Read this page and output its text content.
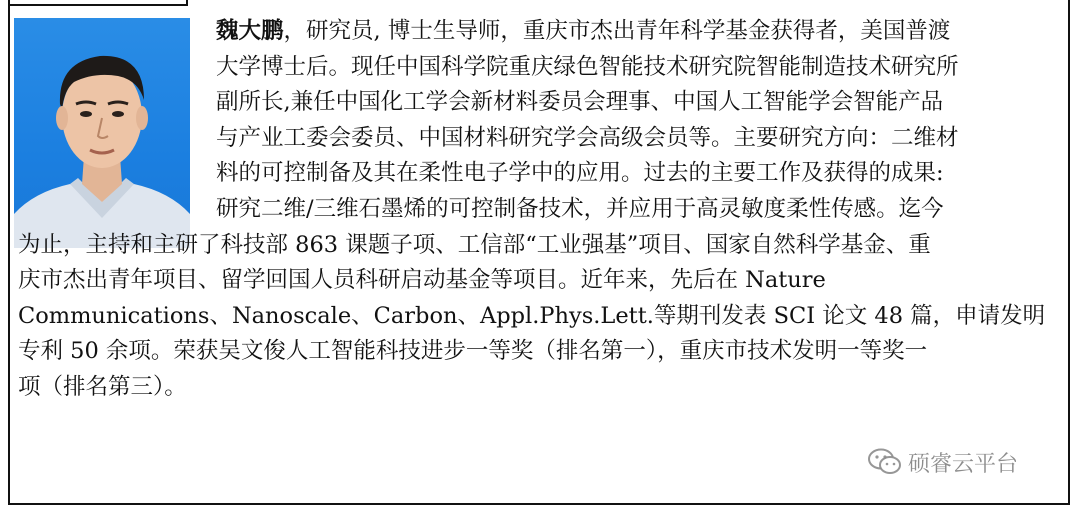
魏大鹏，研究员, 博士生导师，重庆市杰出青年科学基金获得者，美国普渡
大学博士后。现任中国科学院重庆绿色智能技术研究院智能制造技术研究所
副所长,兼任中国化工学会新材料委员会理事、中国人工智能学会智能产品
与产业工委会委员、中国材料研究学会高级会员等。主要研究方向：二维材
料的可控制备及其在柔性电子学中的应用。过去的主要工作及获得的成果:
研究二维/三维石墨烯的可控制备技术，并应用于高灵敏度柔性传感。迄今
为止，主持和主研了科技部 863 课题子项、工信部“工业强基”项目、国家自然科学基金、重
庆市杰出青年项目、留学回国人员科研启动基金等项目。近年来，先后在 Nature
Communications、Nanoscale、Carbon、Appl.Phys.Lett.等期刊发表 SCI 论文 48 篇，申请发明
专利 50 余项。荣获吴文俊人工智能科技进步一等奖（排名第一），重庆市技术发明一等奖一
项（排名第三）。
硕睿云平台
